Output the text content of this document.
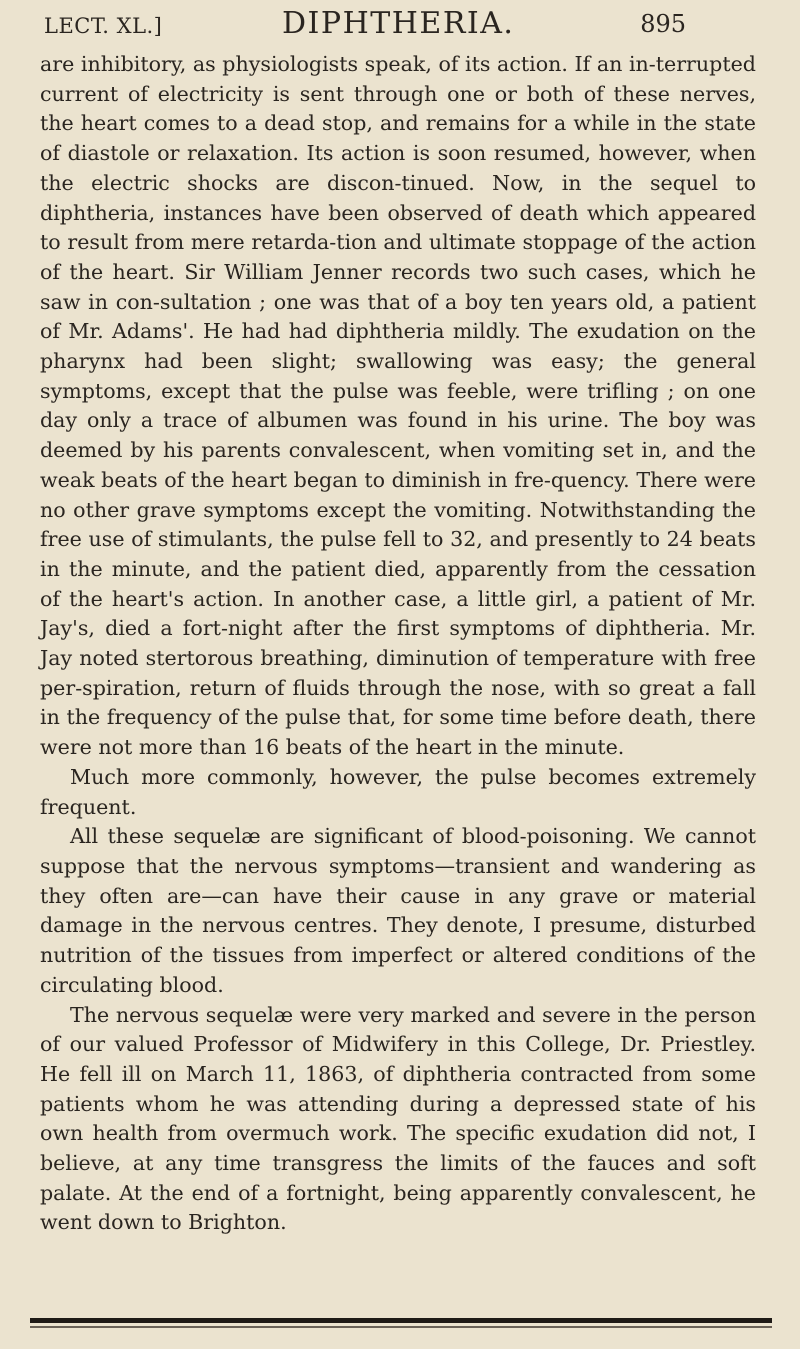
LECT. XL.]	DIPHTHERIA.	895

are inhibitory, as physiologists speak, of its action. If an in-terrupted current of electricity is sent through one or both of these nerves, the heart comes to a dead stop, and remains for a while in the state of diastole or relaxation. Its action is soon resumed, however, when the electric shocks are discon-tinued. Now, in the sequel to diphtheria, instances have been observed of death which appeared to result from mere retarda-tion and ultimate stoppage of the action of the heart. Sir William Jenner records two such cases, which he saw in con-sultation ; one was that of a boy ten years old, a patient of Mr. Adams'. He had had diphtheria mildly. The exudation on the pharynx had been slight; swallowing was easy; the general symptoms, except that the pulse was feeble, were trifling ; on one day only a trace of albumen was found in his urine. The boy was deemed by his parents convalescent, when vomiting set in, and the weak beats of the heart began to diminish in fre-quency. There were no other grave symptoms except the vomiting. Notwithstanding the free use of stimulants, the pulse fell to 32, and presently to 24 beats in the minute, and the patient died, apparently from the cessation of the heart's action. In another case, a little girl, a patient of Mr. Jay's, died a fort-night after the first symptoms of diphtheria. Mr. Jay noted stertorous breathing, diminution of temperature with free per-spiration, return of fluids through the nose, with so great a fall in the frequency of the pulse that, for some time before death, there were not more than 16 beats of the heart in the minute.

Much more commonly, however, the pulse becomes extremely frequent.

All these sequelæ are significant of blood-poisoning. We cannot suppose that the nervous symptoms—transient and wandering as they often are—can have their cause in any grave or material damage in the nervous centres. They denote, I presume, disturbed nutrition of the tissues from imperfect or altered conditions of the circulating blood.

The nervous sequelæ were very marked and severe in the person of our valued Professor of Midwifery in this College, Dr. Priestley. He fell ill on March 11, 1863, of diphtheria contracted from some patients whom he was attending during a depressed state of his own health from overmuch work. The specific exudation did not, I believe, at any time transgress the limits of the fauces and soft palate. At the end of a fortnight, being apparently convalescent, he went down to Brighton.
